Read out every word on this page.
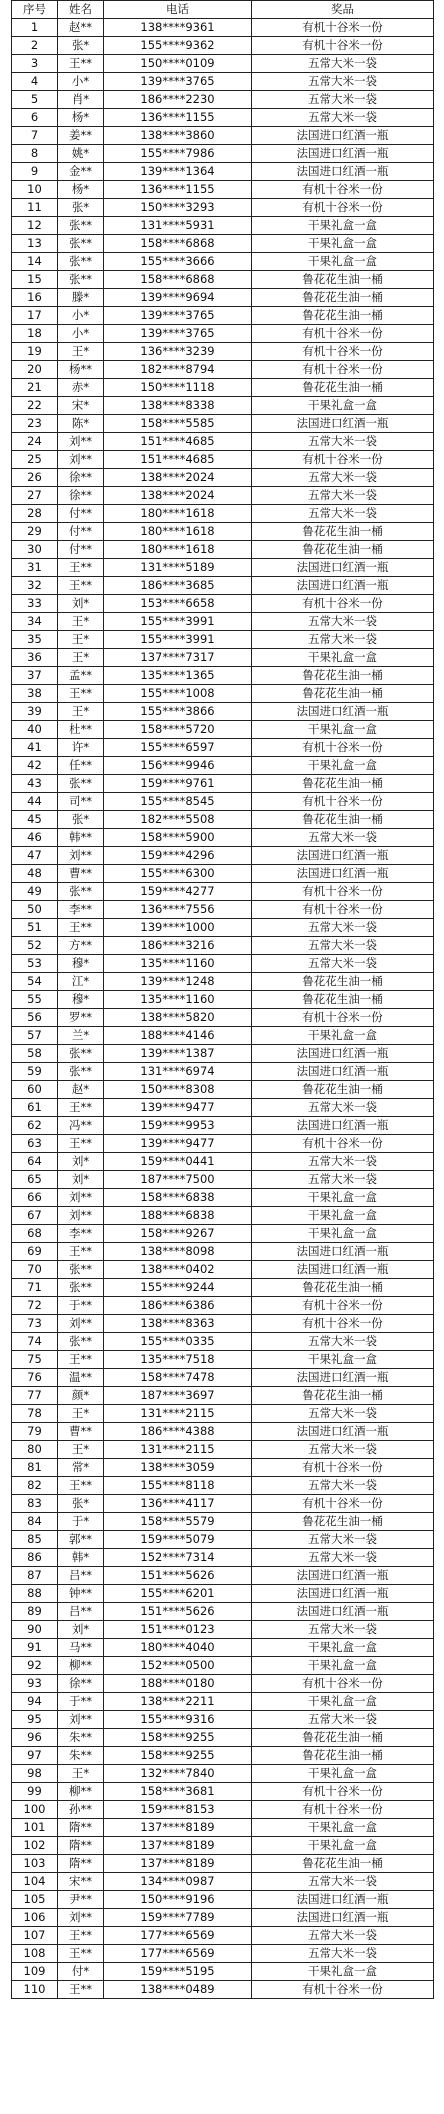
序号	姓名	电话	奖品
1	赵**	138****9361	有机十谷米一份
2	张*	155****9362	有机十谷米一份
3	王**	150****0109	五常大米一袋
4	小*	139****3765	五常大米一袋
5	肖*	186****2230	五常大米一袋
6	杨*	136****1155	五常大米一袋
7	姜**	138****3860	法国进口红酒一瓶
8	姚*	155****7986	法国进口红酒一瓶
9	金**	139****1364	法国进口红酒一瓶
10	杨*	136****1155	有机十谷米一份
11	张*	150****3293	有机十谷米一份
12	张**	131****5931	干果礼盒一盒
13	张**	158****6868	干果礼盒一盒
14	张**	155****3666	干果礼盒一盒
15	张**	158****6868	鲁花花生油一桶
16	滕*	139****9694	鲁花花生油一桶
17	小*	139****3765	鲁花花生油一桶
18	小*	139****3765	有机十谷米一份
19	王*	136****3239	有机十谷米一份
20	杨**	182****8794	有机十谷米一份
21	赤*	150****1118	鲁花花生油一桶
22	宋*	138****8338	干果礼盒一盒
23	陈*	158****5585	法国进口红酒一瓶
24	刘**	151****4685	五常大米一袋
25	刘**	151****4685	有机十谷米一份
26	徐**	138****2024	五常大米一袋
27	徐**	138****2024	五常大米一袋
28	付**	180****1618	五常大米一袋
29	付**	180****1618	鲁花花生油一桶
30	付**	180****1618	鲁花花生油一桶
31	王**	131****5189	法国进口红酒一瓶
32	王**	186****3685	法国进口红酒一瓶
33	刘*	153****6658	有机十谷米一份
34	王*	155****3991	五常大米一袋
35	王*	155****3991	五常大米一袋
36	王*	137****7317	干果礼盒一盒
37	孟**	135****1365	鲁花花生油一桶
38	王**	155****1008	鲁花花生油一桶
39	王*	155****3866	法国进口红酒一瓶
40	杜**	158****5720	干果礼盒一盒
41	许*	155****6597	有机十谷米一份
42	任**	156****9946	干果礼盒一盒
43	张**	159****9761	鲁花花生油一桶
44	司**	155****8545	有机十谷米一份
45	张*	182****5508	鲁花花生油一桶
46	韩**	158****5900	五常大米一袋
47	刘**	159****4296	法国进口红酒一瓶
48	曹**	155****6300	法国进口红酒一瓶
49	张**	159****4277	有机十谷米一份
50	李**	136****7556	有机十谷米一份
51	王**	139****1000	五常大米一袋
52	方**	186****3216	五常大米一袋
53	穆*	135****1160	五常大米一袋
54	江*	139****1248	鲁花花生油一桶
55	穆*	135****1160	鲁花花生油一桶
56	罗**	138****5820	有机十谷米一份
57	兰*	188****4146	干果礼盒一盒
58	张**	139****1387	法国进口红酒一瓶
59	张**	131****6974	法国进口红酒一瓶
60	赵*	150****8308	鲁花花生油一桶
61	王**	139****9477	五常大米一袋
62	冯**	159****9953	法国进口红酒一瓶
63	王**	139****9477	有机十谷米一份
64	刘*	159****0441	五常大米一袋
65	刘*	187****7500	五常大米一袋
66	刘**	158****6838	干果礼盒一盒
67	刘**	188****6838	干果礼盒一盒
68	李**	158****9267	干果礼盒一盒
69	王**	138****8098	法国进口红酒一瓶
70	张**	138****0402	法国进口红酒一瓶
71	张**	155****9244	鲁花花生油一桶
72	于**	186****6386	有机十谷米一份
73	刘**	138****8363	有机十谷米一份
74	张**	155****0335	五常大米一袋
75	王**	135****7518	干果礼盒一盒
76	温**	158****7478	法国进口红酒一瓶
77	颜*	187****3697	鲁花花生油一桶
78	王*	131****2115	五常大米一袋
79	曹**	186****4388	法国进口红酒一瓶
80	王*	131****2115	五常大米一袋
81	常*	138****3059	有机十谷米一份
82	王**	155****8118	五常大米一袋
83	张*	136****4117	有机十谷米一份
84	于*	158****5579	鲁花花生油一桶
85	郭**	159****5079	五常大米一袋
86	韩*	152****7314	五常大米一袋
87	吕**	151****5626	法国进口红酒一瓶
88	钟**	155****6201	法国进口红酒一瓶
89	吕**	151****5626	法国进口红酒一瓶
90	刘*	151****0123	五常大米一袋
91	马**	180****4040	干果礼盒一盒
92	柳**	152****0500	干果礼盒一盒
93	徐**	188****0180	有机十谷米一份
94	于**	138****2211	干果礼盒一盒
95	刘**	155****9316	五常大米一袋
96	朱**	158****9255	鲁花花生油一桶
97	朱**	158****9255	鲁花花生油一桶
98	王*	132****7840	干果礼盒一盒
99	柳**	158****3681	有机十谷米一份
100	孙**	159****8153	有机十谷米一份
101	隋**	137****8189	干果礼盒一盒
102	隋**	137****8189	干果礼盒一盒
103	隋**	137****8189	鲁花花生油一桶
104	宋**	134****0987	五常大米一袋
105	尹**	150****9196	法国进口红酒一瓶
106	刘**	159****7789	法国进口红酒一瓶
107	王**	177****6569	五常大米一袋
108	王**	177****6569	五常大米一袋
109	付*	159****5195	干果礼盒一盒
110	王**	138****0489	有机十谷米一份
